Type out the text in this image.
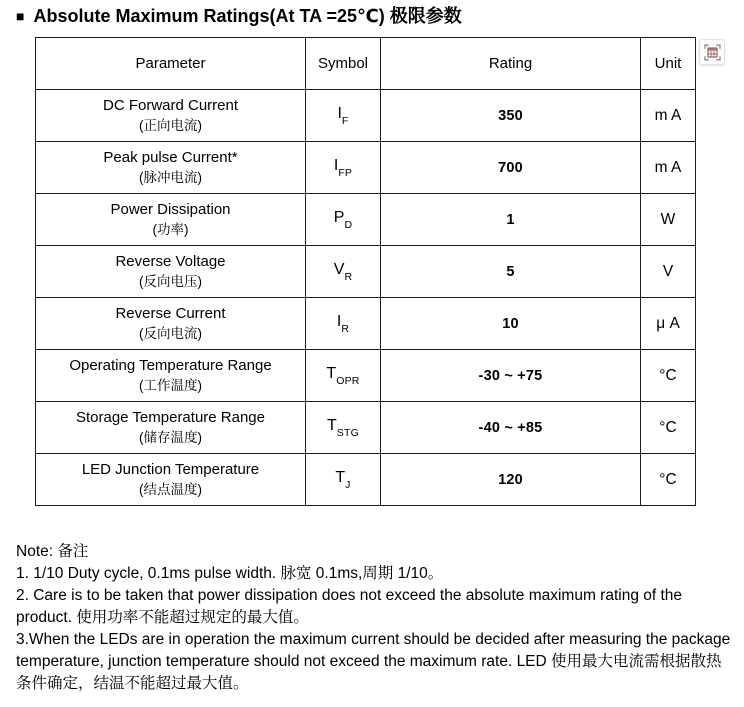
■ Absolute Maximum Ratings(At TA =25℃) 极限参数
Parameter	Symbol	Rating	Unit

DC Forward Current
(正向电流)	$I_F$	350	m A

Peak pulse Current*
(脉冲电流)	$I_{FP}$	700	m A

Power Dissipation
(功率)	$P_D$	1	W

Reverse Voltage
(反向电压)	$V_R$	5	V

Reverse Current
(反向电流)	$I_R$	10	μ A

Operating Temperature Range
(工作温度)	$T_{OPR}$	-30 ~ +75	°C

Storage Temperature Range
(储存温度)	$T_{STG}$	-40 ~ +85	°C

LED Junction Temperature
(结点温度)	$T_J$	120	°C
Note: 备注
1. 1/10 Duty cycle, 0.1ms pulse width. 脉宽 0.1ms,周期 1/10。
2. Care is to be taken that power dissipation does not exceed the absolute maximum rating of the product. 使用功率不能超过规定的最大值。
3.When the LEDs are in operation the maximum current should be decided after measuring the package temperature, junction temperature should not exceed the maximum rate. LED 使用最大电流需根据散热条件确定，结温不能超过最大值。
